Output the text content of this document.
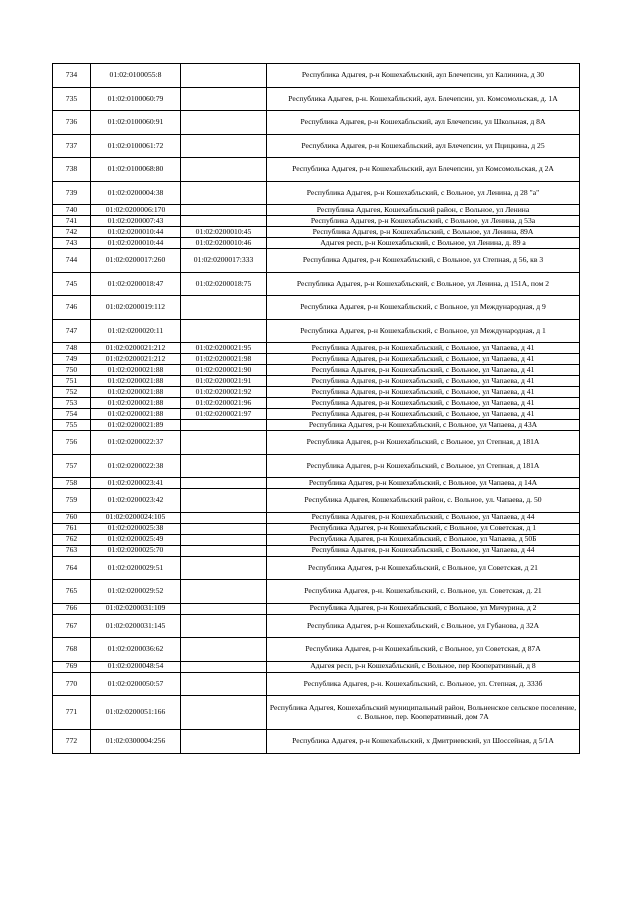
734	01:02:0100055:8		Республика Адыгея, р-н Кошехабльский, аул Блечепсин, ул Калинина, д 30
735	01:02:0100060:79		Республика Адыгея, р-н. Кошехабльский, аул. Блечепсин, ул. Комсомольская, д. 1А
736	01:02:0100060:91		Республика Адыгея, р-н Кошехабльский, аул Блечепсин, ул Школьная, д 8А
737	01:02:0100061:72		Республика Адыгея, р-н Кошехабльский, аул Блечепсин, ул Пцицкина, д 25
738	01:02:0100068:80		Республика Адыгея, р-н Кошехабльский, аул Блечепсин, ул Комсомольская, д 2А
739	01:02:0200004:38		Республика Адыгея, р-н Кошехабльский, с Вольное, ул Ленина, д 28 "а"
740	01:02:0200006:170		Республика Адыгея, Кошехабльский район, с Вольное, ул Ленина
741	01:02:0200007:43		Республика Адыгея, р-н Кошехабльский, с Вольное, ул Ленина, д 53а
742	01:02:0200010:44	01:02:0200010:45	Республика Адыгея, р-н Кошехабльский, с Вольное, ул Ленина, 89А
743	01:02:0200010:44	01:02:0200010:46	Адыгея респ, р-н Кошехабльский, с Вольное, ул Ленина, д. 89 а
744	01:02:0200017:260	01:02:0200017:333	Республика Адыгея, р-н Кошехабльский, с Вольное, ул Степная, д 56, кв 3
745	01:02:0200018:47	01:02:0200018:75	Республика Адыгея, р-н Кошехабльский, с Вольное, ул Ленина, д 151А, пом 2
746	01:02:0200019:112		Республика Адыгея, р-н Кошехабльский, с Вольное, ул Международная, д 9
747	01:02:0200020:11		Республика Адыгея, р-н Кошехабльский, с Вольное, ул Международная, д 1
748	01:02:0200021:212	01:02:0200021:95	Республика Адыгея, р-н Кошехабльский, с Вольное, ул Чапаева, д 41
749	01:02:0200021:212	01:02:0200021:98	Республика Адыгея, р-н Кошехабльский, с Вольное, ул Чапаева, д 41
750	01:02:0200021:88	01:02:0200021:90	Республика Адыгея, р-н Кошехабльский, с Вольное, ул Чапаева, д 41
751	01:02:0200021:88	01:02:0200021:91	Республика Адыгея, р-н Кошехабльский, с Вольное, ул Чапаева, д 41
752	01:02:0200021:88	01:02:0200021:92	Республика Адыгея, р-н Кошехабльский, с Вольное, ул Чапаева, д 41
753	01:02:0200021:88	01:02:0200021:96	Республика Адыгея, р-н Кошехабльский, с Вольное, ул Чапаева, д 41
754	01:02:0200021:88	01:02:0200021:97	Республика Адыгея, р-н Кошехабльский, с Вольное, ул Чапаева, д 41
755	01:02:0200021:89		Республика Адыгея, р-н Кошехабльский, с Вольное, ул Чапаева, д 43А
756	01:02:0200022:37		Республика Адыгея, р-н Кошехабльский, с Вольное, ул Степная, д 181А
757	01:02:0200022:38		Республика Адыгея, р-н Кошехабльский, с Вольное, ул Степная, д 181А
758	01:02:0200023:41		Республика Адыгея, р-н Кошехабльский, с Вольное, ул Чапаева, д 14А
759	01:02:0200023:42		Республика Адыгея, Кошехабльский район, с. Вольное, ул. Чапаева, д. 50
760	01:02:0200024:105		Республика Адыгея, р-н Кошехабльский, с Вольное, ул Чапаева, д 44
761	01:02:0200025:38		Республика Адыгея, р-н Кошехабльский, с Вольное, ул Советская, д 1
762	01:02:0200025:49		Республика Адыгея, р-н Кошехабльский, с Вольное, ул Чапаева, д 50Б
763	01:02:0200025:70		Республика Адыгея, р-н Кошехабльский, с Вольное, ул Чапаева, д 44
764	01:02:0200029:51		Республика Адыгея, р-н Кошехабльский, с Вольное, ул Советская, д 21
765	01:02:0200029:52		Республика Адыгея, р-н. Кошехабльский, с. Вольное, ул. Советская, д. 21
766	01:02:0200031:109		Республика Адыгея, р-н Кошехабльский, с Вольное, ул Мичурина, д 2
767	01:02:0200031:145		Республика Адыгея, р-н Кошехабльский, с Вольное, ул Губанова, д 32А
768	01:02:0200036:62		Республика Адыгея, р-н Кошехабльский, с Вольное, ул Советская, д 87А
769	01:02:0200048:54		Адыгея респ, р-н Кошехабльский, с Вольное, пер Кооперативный, д 8
770	01:02:0200050:57		Республика Адыгея, р-н. Кошехабльский, с. Вольное, ул. Степная, д. 333б
771	01:02:0200051:166		Республика Адыгея, Кошехабльский муниципальный район, Вольненское сельское поселение, с. Вольное, пер. Кооперативный, дом 7А
772	01:02:0300004:256		Республика Адыгея, р-н Кошехабльский, х Дмитриевский, ул Шоссейная, д 5/1А
